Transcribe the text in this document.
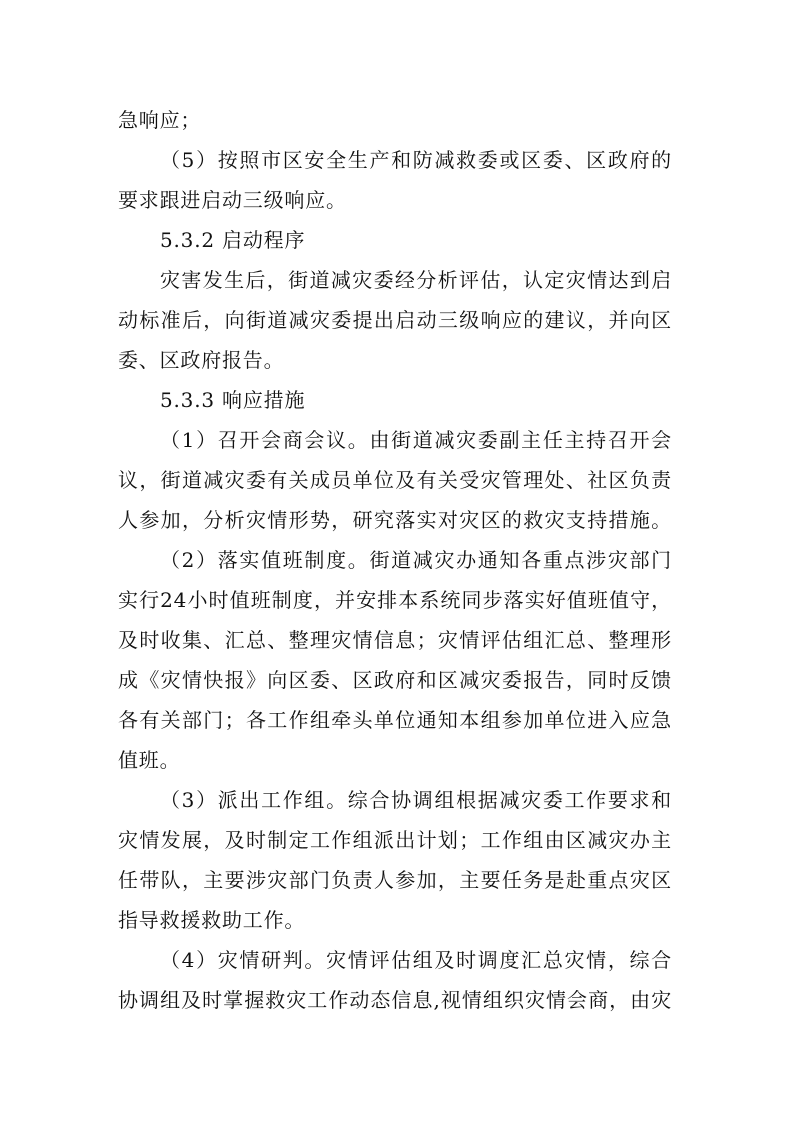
急响应；
（5）按照市区安全生产和防减救委或区委、区政府的
要求跟进启动三级响应。
5.3.2 启动程序
灾害发生后，街道减灾委经分析评估，认定灾情达到启
动标准后，向街道减灾委提出启动三级响应的建议，并向区
委、区政府报告。
5.3.3 响应措施
（1）召开会商会议。由街道减灾委副主任主持召开会
议，街道减灾委有关成员单位及有关受灾管理处、社区负责
人参加，分析灾情形势，研究落实对灾区的救灾支持措施。
（2）落实值班制度。街道减灾办通知各重点涉灾部门
实行24小时值班制度，并安排本系统同步落实好值班值守，
及时收集、汇总、整理灾情信息；灾情评估组汇总、整理形
成《灾情快报》向区委、区政府和区减灾委报告，同时反馈
各有关部门；各工作组牵头单位通知本组参加单位进入应急
值班。
（3）派出工作组。综合协调组根据减灾委工作要求和
灾情发展，及时制定工作组派出计划；工作组由区减灾办主
任带队，主要涉灾部门负责人参加，主要任务是赴重点灾区
指导救援救助工作。
（4）灾情研判。灾情评估组及时调度汇总灾情，综合
协调组及时掌握救灾工作动态信息,视情组织灾情会商，由灾
